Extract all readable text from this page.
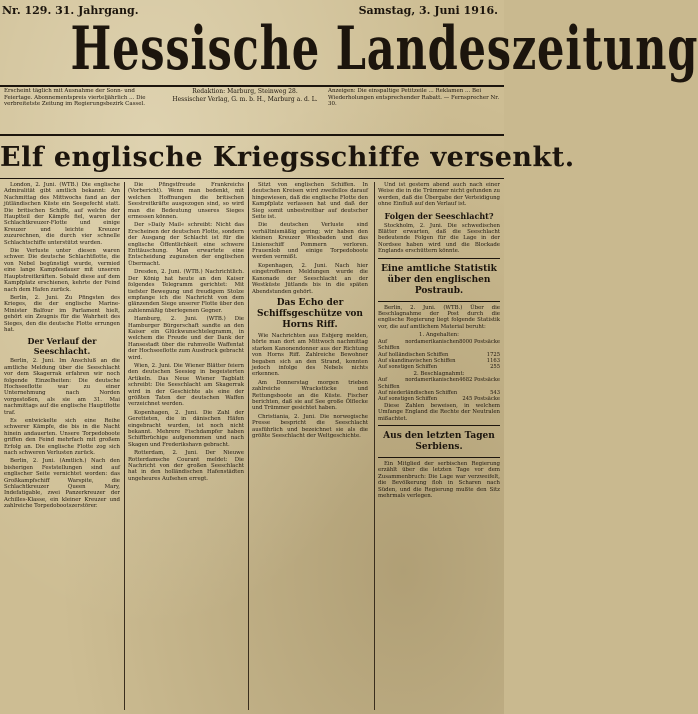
Nr. 129. 31. Jahrgang.	Samstag, 3. Juni 1916.
Hessische Landeszeitung
Erscheint täglich mit Ausnahme der Sonn- und Feiertage. Abonnementspreis vierteljährlich ... Die verbreitetste Zeitung im Regierungsbezirk Cassel.
Redaktion: Marburg, Steinweg 28.
Hessischer Verlag, G. m. b. H., Marburg a. d. L.
Anzeigen: Die einspaltige Petitzeile ... Reklamen ... Bei Wiederholungen entsprechender Rabatt. — Fernsprecher Nr. 30.
Elf englische Kriegsschiffe versenkt.

London, 2. Juni. (WTB.) Die englische Admiralität gibt amtlich bekannt: Am Nachmittag des Mittwochs fand an der jütländischen Küste ein Seegefecht statt. Die britischen Schiffe, auf welche der Hauptteil der Kämpfe fiel, waren der Schlachtkreuzer-Flotte und einige Kreuzer und leichte Kreuzer zuzurechnen, die durch vier schnelle Schlachtschiffe unterstützt wurden.

Die Verluste unter diesen waren schwer. Die deutsche Schlachtflotte, die von Nebel begünstigt wurde, vermied eine lange Kampfesdauer mit unseren Hauptstreitkräften. Sobald diese auf dem Kampfplatz erschienen, kehrte der Feind nach dem Hafen zurück.

Berlin, 2. Juni. Zu Pfingsten des Krieges, die der englische Marine-Minister Balfour im Parlament hielt, gehört ein Zeugnis für die Wahrheit des Sieges, den die deutsche Flotte errungen hat.

Der Verlauf der Seeschlacht.

Berlin, 2. Juni. Im Anschluß an die amtliche Meldung über die Seeschlacht vor dem Skagerrak erfahren wir noch folgende Einzelheiten: Die deutsche Hochseeflotte war zu einer Unternehmung nach Norden vorgestoßen, als sie am 31. Mai nachmittags auf die englische Hauptflotte traf.

Es entwickelte sich eine Reihe schwerer Kämpfe, die bis in die Nacht hinein andauerten. Unsere Torpedoboote griffen den Feind mehrfach mit großem Erfolg an. Die englische Flotte zog sich nach schweren Verlusten zurück.

Berlin, 2. Juni. (Amtlich.) Nach den bisherigen Feststellungen sind auf englischer Seite vernichtet worden: das Großkampfschiff Warspite, die Schlachtkreuzer Queen Mary, Indefatigable, zwei Panzerkreuzer der Achilles-Klasse, ein kleiner Kreuzer und zahlreiche Torpedobootszerstörer.

Die Pfingstfreude Frankreichs (Vorbericht). Wenn man bedenkt, mit welchen Hoffnungen die britischen Seestreitkräfte ausgezogen sind, so wird man die Bedeutung unseres Sieges ermessen können.

Der »Daily Mail« schreibt: Nicht das Erscheinen der deutschen Flotte, sondern der Ausgang der Schlacht ist für die englische Öffentlichkeit eine schwere Enttäuschung. Man erwartete eine Entscheidung zugunsten der englischen Übermacht.

Dresden, 2. Juni. (WTB.) Nachrichtlich. Der König hat heute an den Kaiser folgendes Telegramm gerichtet: Mit tiefster Bewegung und freudigem Stolze empfange ich die Nachricht von dem glänzenden Siege unserer Flotte über den zahlenmäßig überlegenen Gegner.

Hamburg, 2. Juni. (WTB.) Die Hamburger Bürgerschaft sandte an den Kaiser ein Glückwunschtelegramm, in welchem die Freude und der Dank der Hansestadt über die ruhmvolle Waffentat der Hochseeflotte zum Ausdruck gebracht wird.

Wien, 2. Juni. Die Wiener Blätter feiern den deutschen Seesieg in begeisterten Artikeln. Das Neue Wiener Tagblatt schreibt: Die Seeschlacht am Skagerrak wird in der Geschichte als eine der größten Taten der deutschen Waffen verzeichnet werden.

Kopenhagen, 2. Juni. Die Zahl der Geretteten, die in dänischen Häfen eingebracht wurden, ist noch nicht bekannt. Mehrere Fischdampfer haben Schiffbrüchige aufgenommen und nach Skagen und Frederikshavn gebracht.

Rotterdam, 2. Juni. Der Nieuwe Rotterdamsche Courant meldet: Die Nachricht von der großen Seeschlacht hat in den holländischen Hafenstädten ungeheures Aufsehen erregt.

Sitzt von englischen Schiffen. In deutschen Kreisen wird zweifellos darauf hingewiesen, daß die englische Flotte den Kampfplatz verlassen hat und daß der Sieg somit unbestreitbar auf deutscher Seite ist.

Die deutschen Verluste sind verhältnismäßig gering; wir haben den kleinen Kreuzer Wiesbaden und das Linienschiff Pommern verloren. Frauenlob und einige Torpedoboote werden vermißt.

Kopenhagen, 2. Juni. Nach hier eingetroffenen Meldungen wurde die Kanonade der Seeschlacht an der Westküste Jütlands bis in die späten Abendstunden gehört.

Das Echo der Schiffsgeschütze von Horns Riff.

Wie Nachrichten aus Esbjerg melden, hörte man dort am Mittwoch nachmittag starken Kanonendonner aus der Richtung von Horns Riff. Zahlreiche Bewohner begaben sich an den Strand, konnten jedoch infolge des Nebels nichts erkennen.

Am Donnerstag morgen trieben zahlreiche Wrackstücke und Rettungsboote an die Küste. Fischer berichten, daß sie auf See große Ölflecke und Trümmer gesichtet haben.

Christiania, 2. Juni. Die norwegische Presse bespricht die Seeschlacht ausführlich und bezeichnet sie als die größte Seeschlacht der Weltgeschichte.

Und ist gestern abend auch nach einer Weise die in die Trümmer nicht gefunden zu werden, daß die Übergabe der Verteidigung ohne Einfluß auf den Verlauf ist.

Folgen der Seeschlacht?

Stockholm, 2. Juni. Die schwedischen Blätter erwarten, daß die Seeschlacht bedeutende Folgen für die Lage in der Nordsee haben wird und die Blockade Englands erschüttern könnte.

Eine amtliche Statistik über den englischen Postraub.

Berlin, 2. Juni. (WTB.) Über die Beschlagnahme der Post durch die englische Regierung liegt folgende Statistik vor, die auf amtlichem Material beruht:

1. Angehalten:
Auf nordamerikanischen Schiffen	8000 Postsäcke
Auf holländischen Schiffen	1725
Auf skandinavischen Schiffen	1163
Auf sonstigen Schiffen	255
2. Beschlagnahmt:
Auf nordamerikanischen Schiffen	4682 Postsäcke
Auf niederländischen Schiffen	543
Auf sonstigen Schiffen	245 Postsäcke

Diese Zahlen beweisen, in welchem Umfange England die Rechte der Neutralen mißachtet.

Aus den letzten Tagen Serbiens.

Ein Mitglied der serbischen Regierung erzählt über die letzten Tage vor dem Zusammenbruch: Die Lage war verzweifelt, die Bevölkerung floh in Scharen nach Süden, und die Regierung mußte den Sitz mehrmals verlegen.
